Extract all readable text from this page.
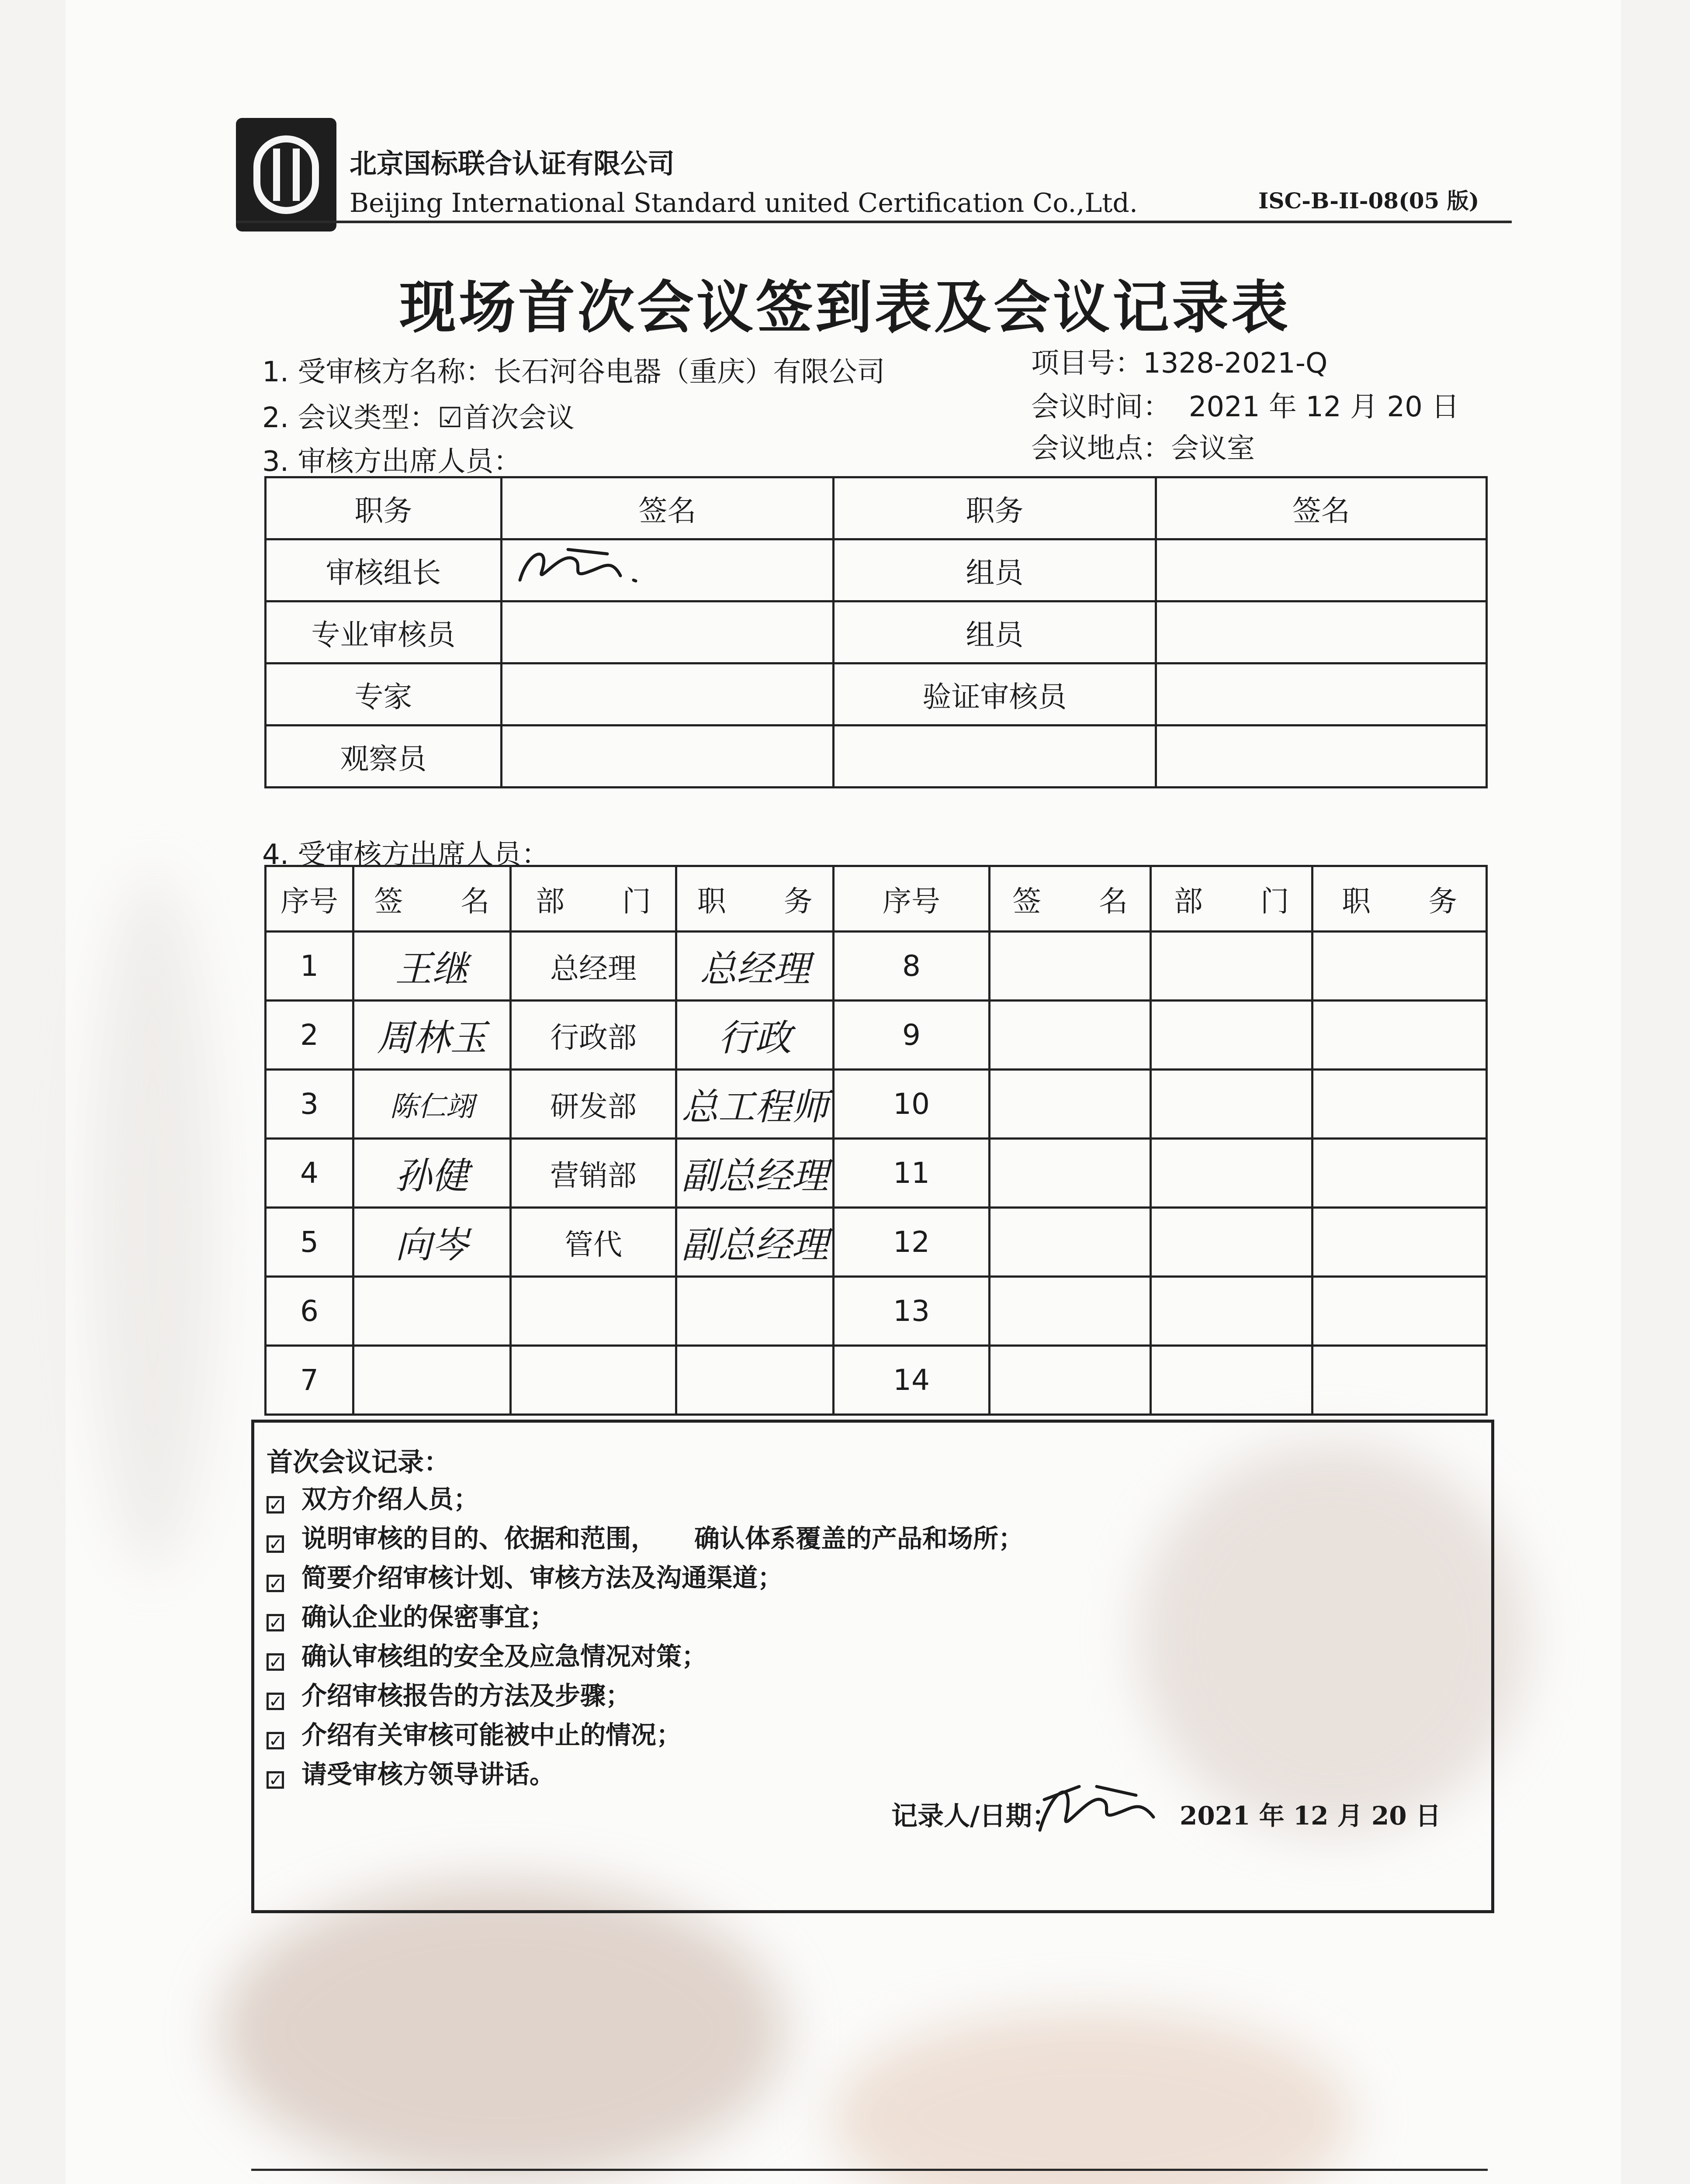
北京国标联合认证有限公司
Beijing International Standard united Certification Co.,Ltd.	ISC-B-II-08(05 版)
现场首次会议签到表及会议记录表
1. 受审核方名称：长石河谷电器（重庆）有限公司
2. 会议类型：☑首次会议
3. 审核方出席人员：
项目号：1328-2021-Q
会议时间： 2021 年 12 月 20 日
会议地点：会议室
职务	签名	职务	签名
审核组长		组员	
专业审核员		组员	
专家		验证审核员	
观察员			
4. 受审核方出席人员：
序号	签　　名	部　　门	职　　务	序号	签　　名	部　　门	职　　务
1	王继	总经理	总经理	8			
2	周林玉	行政部	行政	9			
3	陈仁翊	研发部	总工程师	10			
4	孙健	营销部	副总经理	11			
5	向岑	管代	副总经理	12			
6				13			
7				14			
首次会议记录：
✓ 双方介绍人员；
✓ 说明审核的目的、依据和范围，　　确认体系覆盖的产品和场所；
✓ 简要介绍审核计划、审核方法及沟通渠道；
✓ 确认企业的保密事宜；
✓ 确认审核组的安全及应急情况对策；
✓ 介绍审核报告的方法及步骤；
✓ 介绍有关审核可能被中止的情况；
✓ 请受审核方领导讲话。
记录人/日期：	2021 年 12 月 20 日
